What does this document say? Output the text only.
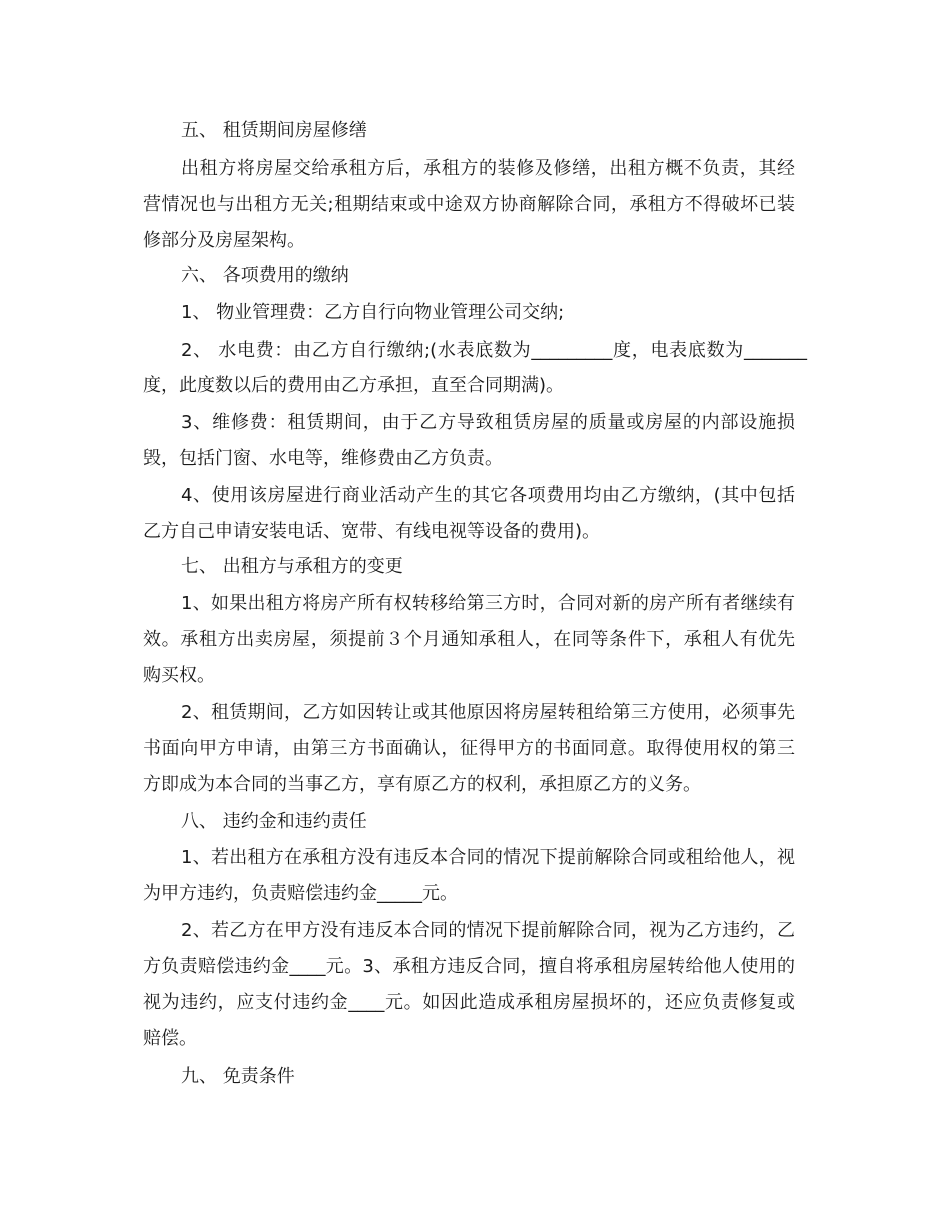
五、 租赁期间房屋修缮

出租方将房屋交给承租方后，承租方的装修及修缮，出租方概不负责，其经

营情况也与出租方无关;租期结束或中途双方协商解除合同，承租方不得破坏已装

修部分及房屋架构。

六、 各项费用的缴纳

1、 物业管理费：乙方自行向物业管理公司交纳;

2、 水电费：由乙方自行缴纳;(水表底数为_________度，电表底数为_______

度，此度数以后的费用由乙方承担，直至合同期满)。

3、维修费：租赁期间，由于乙方导致租赁房屋的质量或房屋的内部设施损

毁，包括门窗、水电等，维修费由乙方负责。

4、使用该房屋进行商业活动产生的其它各项费用均由乙方缴纳，(其中包括

乙方自己申请安装电话、宽带、有线电视等设备的费用)。

七、 出租方与承租方的变更

1、如果出租方将房产所有权转移给第三方时，合同对新的房产所有者继续有

效。承租方出卖房屋，须提前３个月通知承租人，在同等条件下，承租人有优先

购买权。

2、租赁期间，乙方如因转让或其他原因将房屋转租给第三方使用，必须事先

书面向甲方申请，由第三方书面确认，征得甲方的书面同意。取得使用权的第三

方即成为本合同的当事乙方，享有原乙方的权利，承担原乙方的义务。

八、 违约金和违约责任

1、若出租方在承租方没有违反本合同的情况下提前解除合同或租给他人，视

为甲方违约，负责赔偿违约金_____元。

2、若乙方在甲方没有违反本合同的情况下提前解除合同，视为乙方违约，乙

方负责赔偿违约金____元。3、承租方违反合同，擅自将承租房屋转给他人使用的

视为违约，应支付违约金____元。如因此造成承租房屋损坏的，还应负责修复或

赔偿。

九、 免责条件
